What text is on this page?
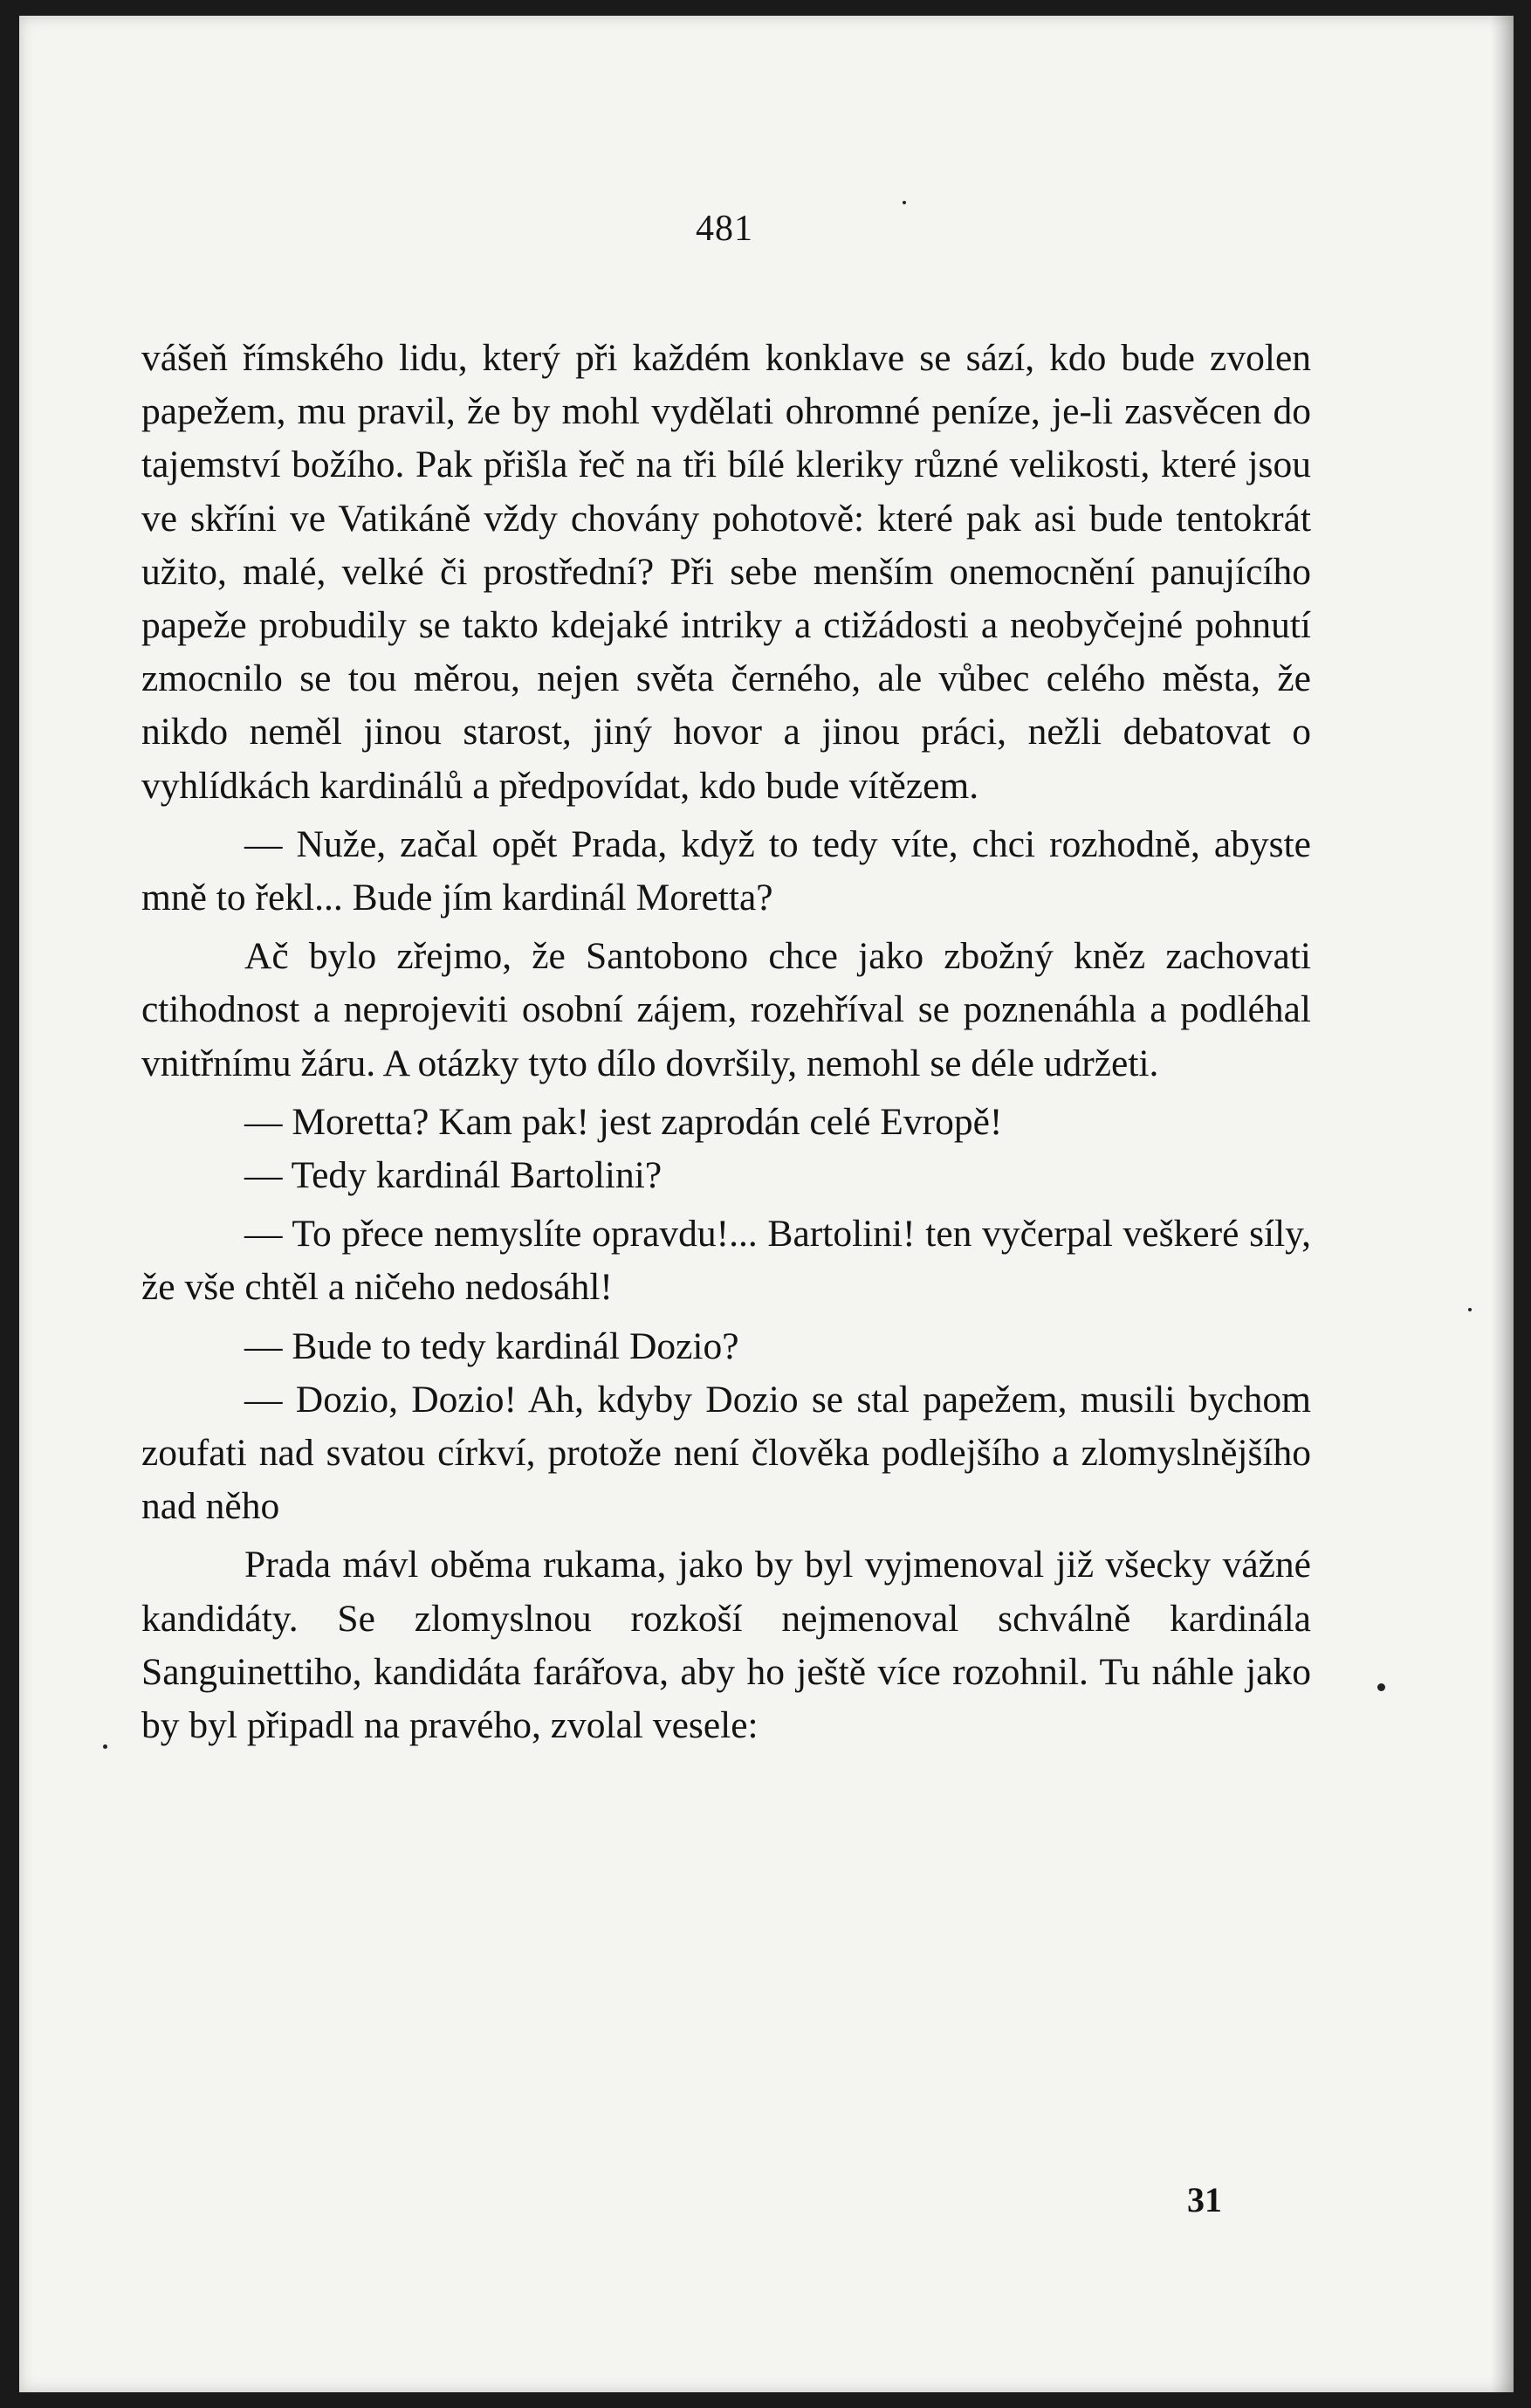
481

vášeň římského lidu, který při každém konklave se sází, kdo bude zvolen papežem, mu pravil, že by mohl vydělati ohromné peníze, je-li zasvěcen do tajemství božího. Pak přišla řeč na tři bílé kleriky různé velikosti, které jsou ve skříni ve Vatikáně vždy chovány pohotově: které pak asi bude tentokrát užito, malé, velké či prostřední? Při sebe menším onemocnění panujícího papeže probudily se takto kdejaké intriky a ctižádosti a neobyčejné pohnutí zmocnilo se tou měrou, nejen světa černého, ale vůbec celého města, že nikdo neměl jinou starost, jiný hovor a jinou práci, nežli debatovat o vyhlídkách kardinálů a předpovídat, kdo bude vítězem.

— Nuže, začal opět Prada, když to tedy víte, chci rozhodně, abyste mně to řekl... Bude jím kardinál Moretta?

Ač bylo zřejmo, že Santobono chce jako zbožný kněz zachovati ctihodnost a neprojeviti osobní zájem, rozehříval se poznenáhla a podléhal vnitřnímu žáru. A otázky tyto dílo dovršily, nemohl se déle udržeti.

— Moretta? Kam pak! jest zaprodán celé Evropě!

— Tedy kardinál Bartolini?

— To přece nemyslíte opravdu!... Bartolini! ten vyčerpal veškeré síly, že vše chtěl a ničeho nedosáhl!

— Bude to tedy kardinál Dozio?

— Dozio, Dozio! Ah, kdyby Dozio se stal papežem, musili bychom zoufati nad svatou církví, protože není člověka podlejšího a zlomyslnějšího nad něho

Prada mávl oběma rukama, jako by byl vyjmenoval již všecky vážné kandidáty. Se zlomyslnou rozkoší nejmenoval schválně kardinála Sanguinettiho, kandidáta farářova, aby ho ještě více rozohnil. Tu náhle jako by byl připadl na pravého, zvolal vesele:

31
